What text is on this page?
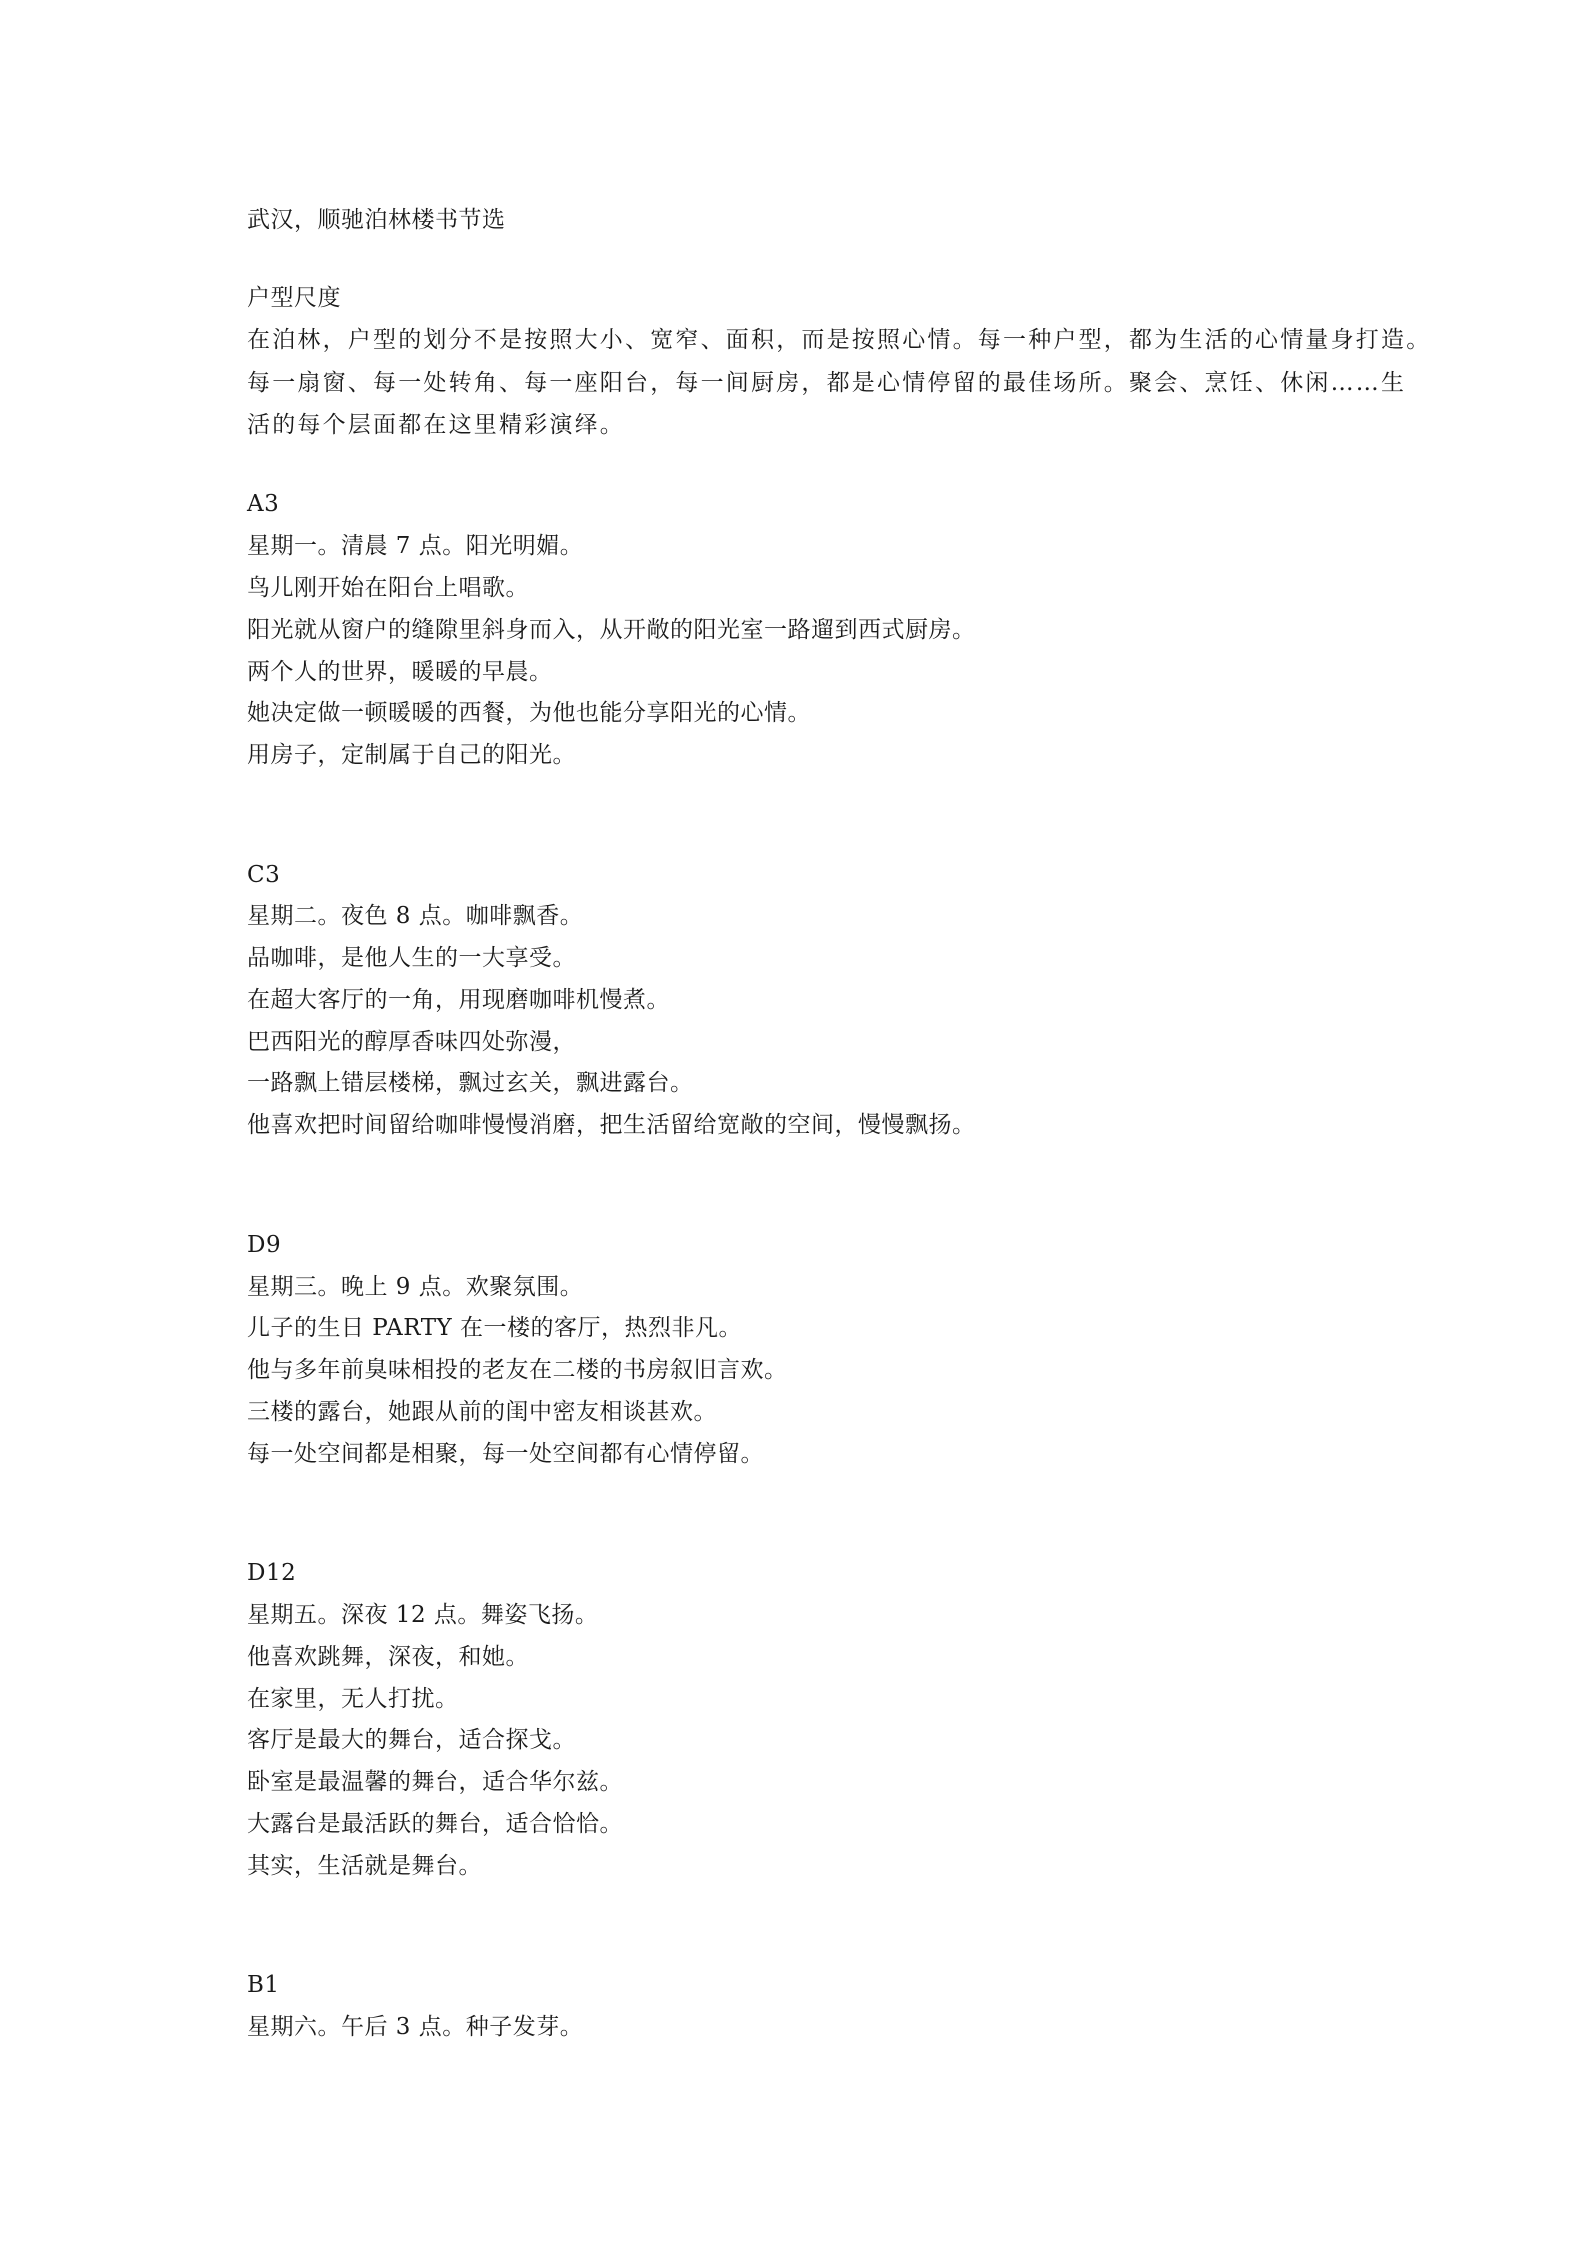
武汉，顺驰泊林楼书节选
户型尺度
在泊林，户型的划分不是按照大小、宽窄、面积，而是按照心情。每一种户型，都为生活的心情量身打造。
每一扇窗、每一处转角、每一座阳台，每一间厨房，都是心情停留的最佳场所。聚会、烹饪、休闲……生
活的每个层面都在这里精彩演绎。
A3
星期一。清晨 7 点。阳光明媚。
鸟儿刚开始在阳台上唱歌。
阳光就从窗户的缝隙里斜身而入，从开敞的阳光室一路遛到西式厨房。
两个人的世界，暖暖的早晨。
她决定做一顿暖暖的西餐，为他也能分享阳光的心情。
用房子，定制属于自己的阳光。
C3
星期二。夜色 8 点。咖啡飘香。
品咖啡，是他人生的一大享受。
在超大客厅的一角，用现磨咖啡机慢煮。
巴西阳光的醇厚香味四处弥漫，
一路飘上错层楼梯，飘过玄关，飘进露台。
他喜欢把时间留给咖啡慢慢消磨，把生活留给宽敞的空间，慢慢飘扬。
D9
星期三。晚上 9 点。欢聚氛围。
儿子的生日 PARTY 在一楼的客厅，热烈非凡。
他与多年前臭味相投的老友在二楼的书房叙旧言欢。
三楼的露台，她跟从前的闺中密友相谈甚欢。
每一处空间都是相聚，每一处空间都有心情停留。
D12
星期五。深夜 12 点。舞姿飞扬。
他喜欢跳舞，深夜，和她。
在家里，无人打扰。
客厅是最大的舞台，适合探戈。
卧室是最温馨的舞台，适合华尔兹。
大露台是最活跃的舞台，适合恰恰。
其实，生活就是舞台。
B1
星期六。午后 3 点。种子发芽。
